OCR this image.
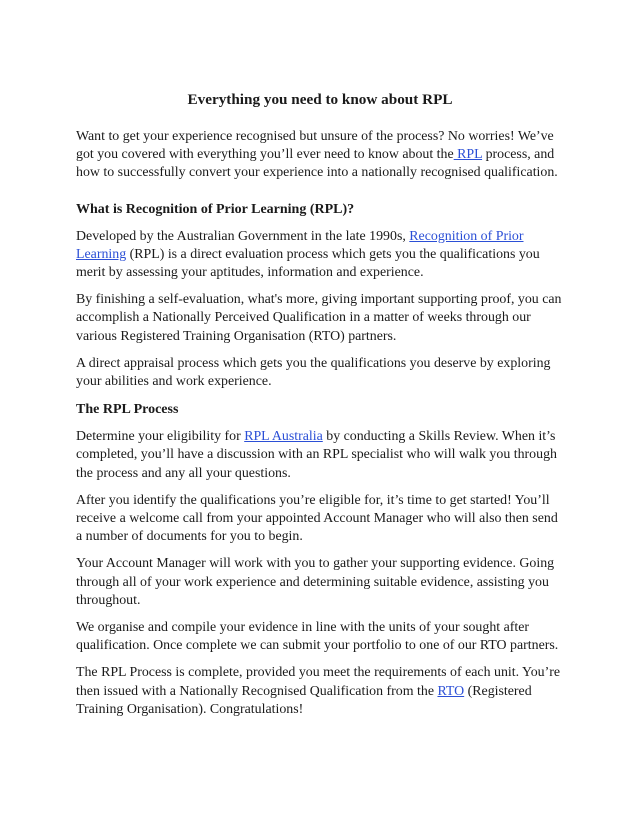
Everything you need to know about RPL

Want to get your experience recognised but unsure of the process? No worries! We’ve got you covered with everything you’ll ever need to know about the RPL process, and how to successfully convert your experience into a nationally recognised qualification.

What is Recognition of Prior Learning (RPL)?

Developed by the Australian Government in the late 1990s, Recognition of Prior Learning (RPL) is a direct evaluation process which gets you the qualifications you merit by assessing your aptitudes, information and experience.

By finishing a self-evaluation, what's more, giving important supporting proof, you can accomplish a Nationally Perceived Qualification in a matter of weeks through our various Registered Training Organisation (RTO) partners.

A direct appraisal process which gets you the qualifications you deserve by exploring your abilities and work experience.

The RPL Process

Determine your eligibility for RPL Australia by conducting a Skills Review. When it’s completed, you’ll have a discussion with an RPL specialist who will walk you through the process and any all your questions.

After you identify the qualifications you’re eligible for, it’s time to get started! You’ll receive a welcome call from your appointed Account Manager who will also then send a number of documents for you to begin.

Your Account Manager will work with you to gather your supporting evidence. Going through all of your work experience and determining suitable evidence, assisting you throughout.

We organise and compile your evidence in line with the units of your sought after qualification. Once complete we can submit your portfolio to one of our RTO partners.

The RPL Process is complete, provided you meet the requirements of each unit. You’re then issued with a Nationally Recognised Qualification from the RTO (Registered Training Organisation). Congratulations!
